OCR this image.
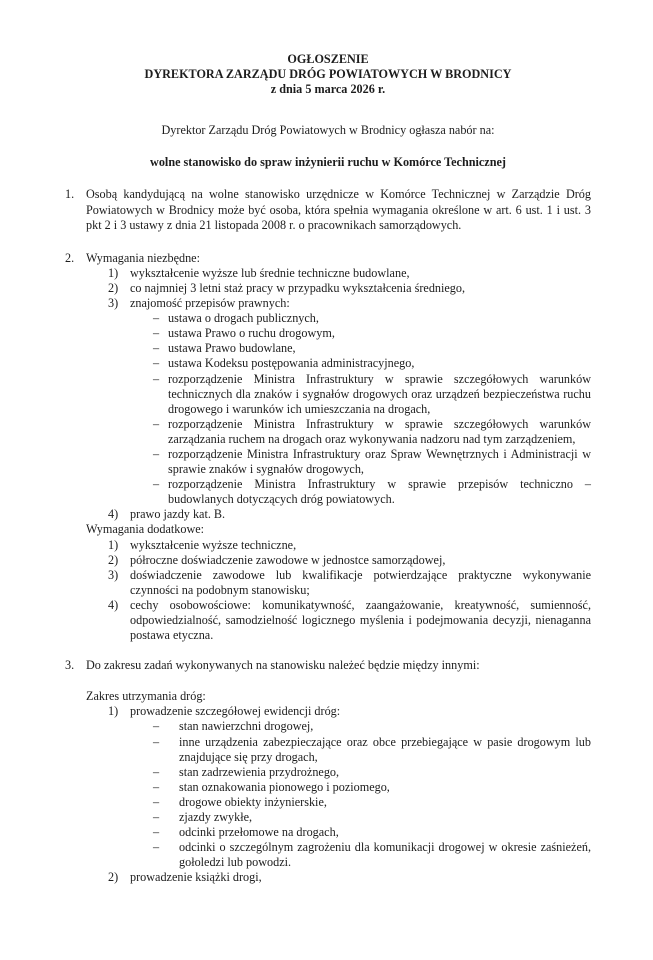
OGŁOSZENIE
DYREKTORA ZARZĄDU DRÓG POWIATOWYCH W BRODNICY
z dnia 5 marca 2026 r.

Dyrektor Zarządu Dróg Powiatowych w Brodnicy ogłasza nabór na:

wolne stanowisko do spraw inżynierii ruchu w Komórce Technicznej

1. Osobą kandydującą na wolne stanowisko urzędnicze w Komórce Technicznej w Zarządzie Dróg Powiatowych w Brodnicy może być osoba, która spełnia wymagania określone w art. 6 ust. 1 i ust. 3 pkt 2 i 3 ustawy z dnia 21 listopada 2008 r. o pracownikach samorządowych.
2. Wymagania niezbędne:
1) wykształcenie wyższe lub średnie techniczne budowlane,
2) co najmniej 3 letni staż pracy w przypadku wykształcenia średniego,
3) znajomość przepisów prawnych:
– ustawa o drogach publicznych,
– ustawa Prawo o ruchu drogowym,
– ustawa Prawo budowlane,
– ustawa Kodeksu postępowania administracyjnego,
– rozporządzenie Ministra Infrastruktury w sprawie szczegółowych warunków technicznych dla znaków i sygnałów drogowych oraz urządzeń bezpieczeństwa ruchu drogowego i warunków ich umieszczania na drogach,
– rozporządzenie Ministra Infrastruktury w sprawie szczegółowych warunków zarządzania ruchem na drogach oraz wykonywania nadzoru nad tym zarządzeniem,
– rozporządzenie Ministra Infrastruktury oraz Spraw Wewnętrznych i Administracji w sprawie znaków i sygnałów drogowych,
– rozporządzenie Ministra Infrastruktury w sprawie przepisów techniczno – budowlanych dotyczących dróg powiatowych.
4) prawo jazdy kat. B.
Wymagania dodatkowe:
1) wykształcenie wyższe techniczne,
2) półroczne doświadczenie zawodowe w jednostce samorządowej,
3) doświadczenie zawodowe lub kwalifikacje potwierdzające praktyczne wykonywanie czynności na podobnym stanowisku;
4) cechy osobowościowe: komunikatywność, zaangażowanie, kreatywność, sumienność, odpowiedzialność, samodzielność logicznego myślenia i podejmowania decyzji, nienaganna postawa etyczna.
3. Do zakresu zadań wykonywanych na stanowisku należeć będzie między innymi:
Zakres utrzymania dróg:
1) prowadzenie szczegółowej ewidencji dróg:
–	stan nawierzchni drogowej,
–	inne urządzenia zabezpieczające oraz obce przebiegające w pasie drogowym lub znajdujące się przy drogach,
–	stan zadrzewienia przydrożnego,
–	stan oznakowania pionowego i poziomego,
–	drogowe obiekty inżynierskie,
–	zjazdy zwykłe,
–	odcinki przełomowe na drogach,
–	odcinki o szczególnym zagrożeniu dla komunikacji drogowej w okresie zaśnieżeń, gołoledzi lub powodzi.
2) prowadzenie książki drogi,
